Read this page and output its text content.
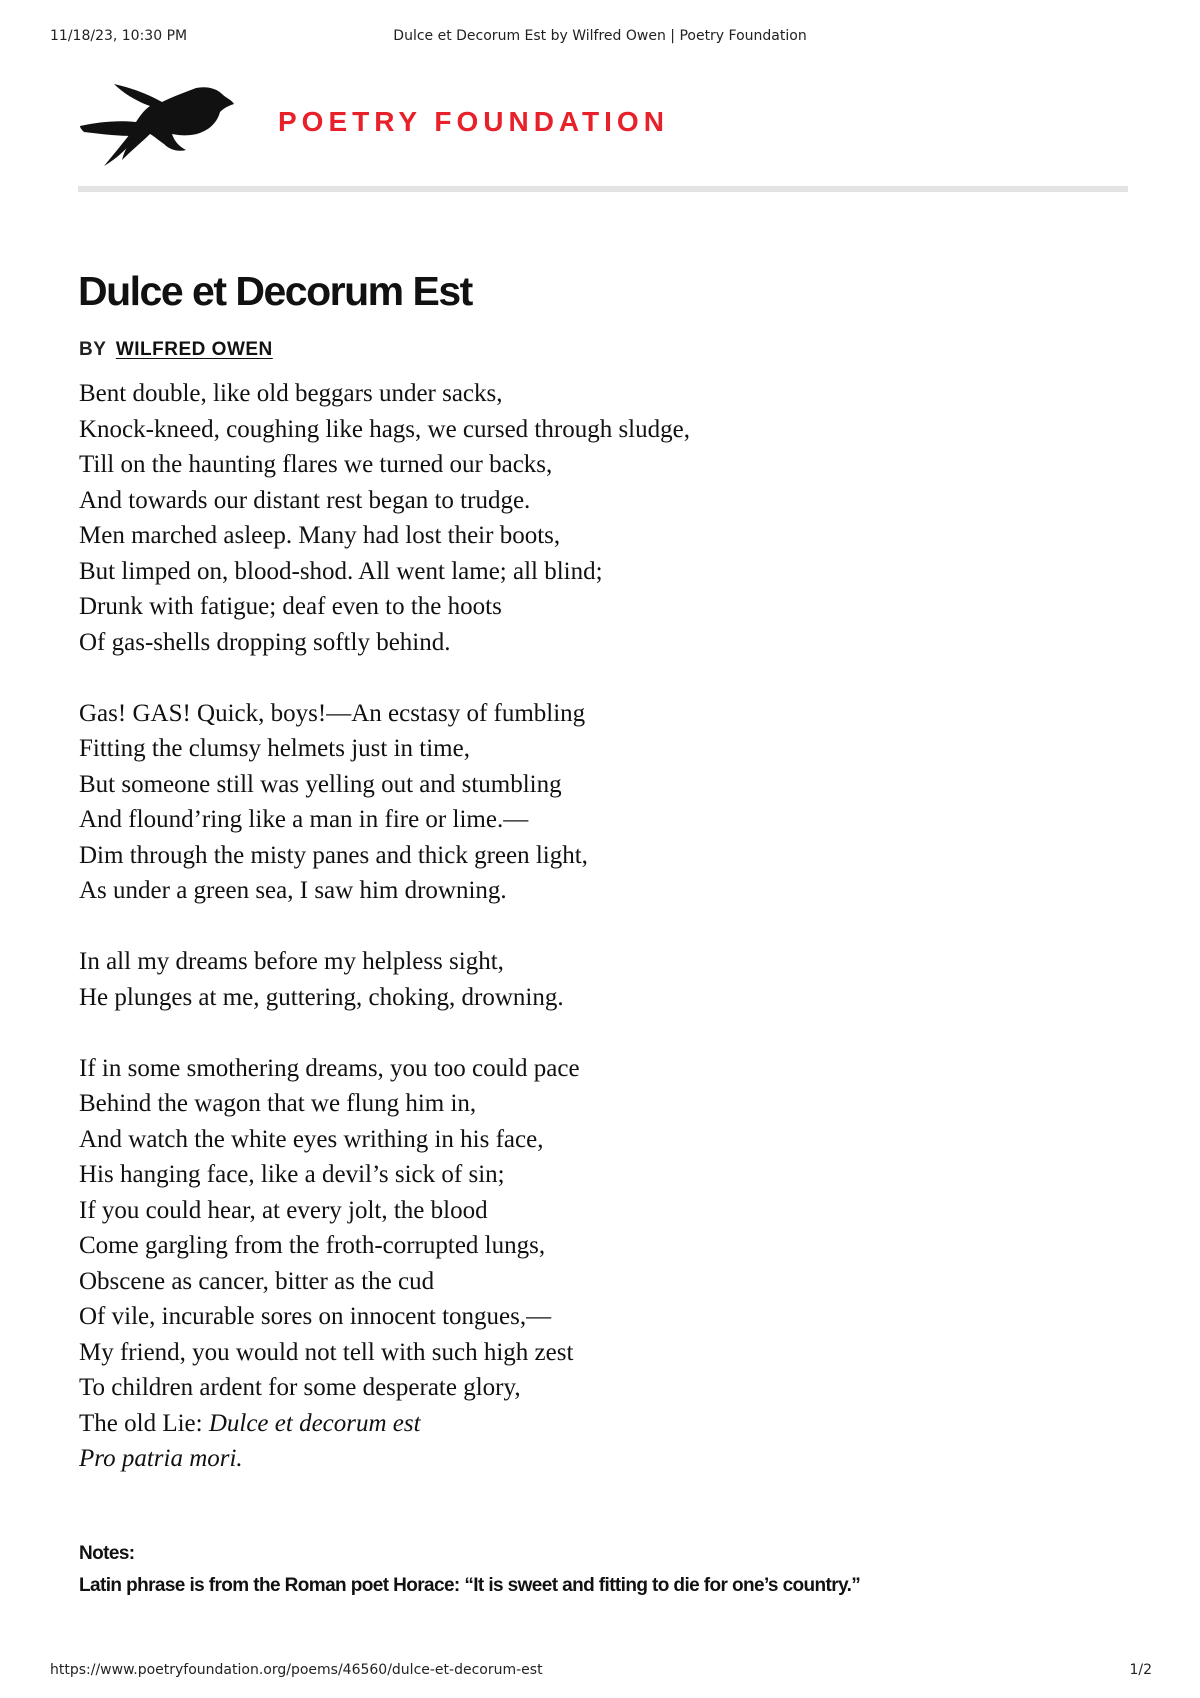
11/18/23, 10:30 PM	Dulce et Decorum Est by Wilfred Owen | Poetry Foundation
POETRY FOUNDATION
Dulce et Decorum Est
BY WILFRED OWEN
Bent double, like old beggars under sacks,
Knock-kneed, coughing like hags, we cursed through sludge,
Till on the haunting flares we turned our backs,
And towards our distant rest began to trudge.
Men marched asleep. Many had lost their boots,
But limped on, blood-shod. All went lame; all blind;
Drunk with fatigue; deaf even to the hoots
Of gas-shells dropping softly behind.
Gas! GAS! Quick, boys!—An ecstasy of fumbling
Fitting the clumsy helmets just in time,
But someone still was yelling out and stumbling
And flound’ring like a man in fire or lime.—
Dim through the misty panes and thick green light,
As under a green sea, I saw him drowning.
In all my dreams before my helpless sight,
He plunges at me, guttering, choking, drowning.
If in some smothering dreams, you too could pace
Behind the wagon that we flung him in,
And watch the white eyes writhing in his face,
His hanging face, like a devil’s sick of sin;
If you could hear, at every jolt, the blood
Come gargling from the froth-corrupted lungs,
Obscene as cancer, bitter as the cud
Of vile, incurable sores on innocent tongues,—
My friend, you would not tell with such high zest
To children ardent for some desperate glory,
The old Lie: Dulce et decorum est
Pro patria mori.
Notes:
Latin phrase is from the Roman poet Horace: “It is sweet and fitting to die for one’s country.”
https://www.poetryfoundation.org/poems/46560/dulce-et-decorum-est	1/2
